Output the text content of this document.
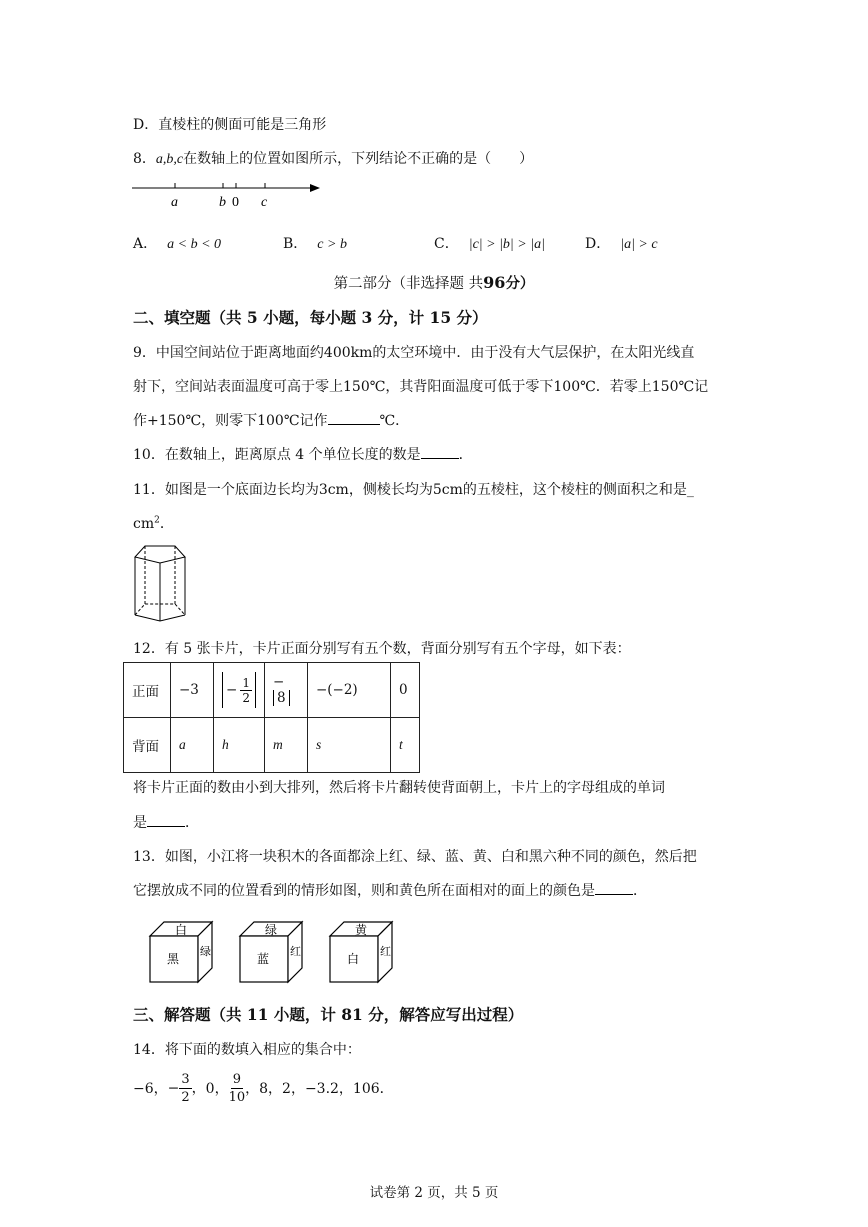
D．直棱柱的侧面可能是三角形
8．a,b,c在数轴上的位置如图所示，下列结论不正确的是（　　）
a	b 0 c
A． a < b < 0	B． c > b	C． |c| > |b| > |a|	D． |a| > c
第二部分（非选择题 共96分）
二、填空题（共 5 小题，每小题 3 分，计 15 分）
9．中国空间站位于距离地面约400km的太空环境中．由于没有大气层保护，在太阳光线直
射下，空间站表面温度可高于零上150℃，其背阳面温度可低于零下100℃．若零上150℃记
作+150℃，则零下100℃记作	℃．
10．在数轴上，距离原点 4 个单位长度的数是	．
11．如图是一个底面边长均为3cm，侧棱长均为5cm的五棱柱，这个棱柱的侧面积之和是_
$cm^2$．
12．有 5 张卡片，卡片正面分别写有五个数，背面分别写有五个字母，如下表：
正面	−3	− $\frac{1}{2}$	−8	−(−2)	0
背面	a	h	m	s	t
将卡片正面的数由小到大排列，然后将卡片翻转使背面朝上，卡片上的字母组成的单词
是	．
13．如图，小江将一块积木的各面都涂上红、绿、蓝、黄、白和黑六种不同的颜色，然后把
它摆放成不同的位置看到的情形如图，则和黄色所在面相对的面上的颜色是	．
白
黑
绿
绿
蓝
红
黄
白
红
三、解答题（共 11 小题，计 81 分，解答应写出过程）
14．将下面的数填入相应的集合中：
−6， − $\frac{3}{2}$ ， 0， $\frac{9}{10}$ ，8，2，−3.2，106．
试卷第 2 页，共 5 页
